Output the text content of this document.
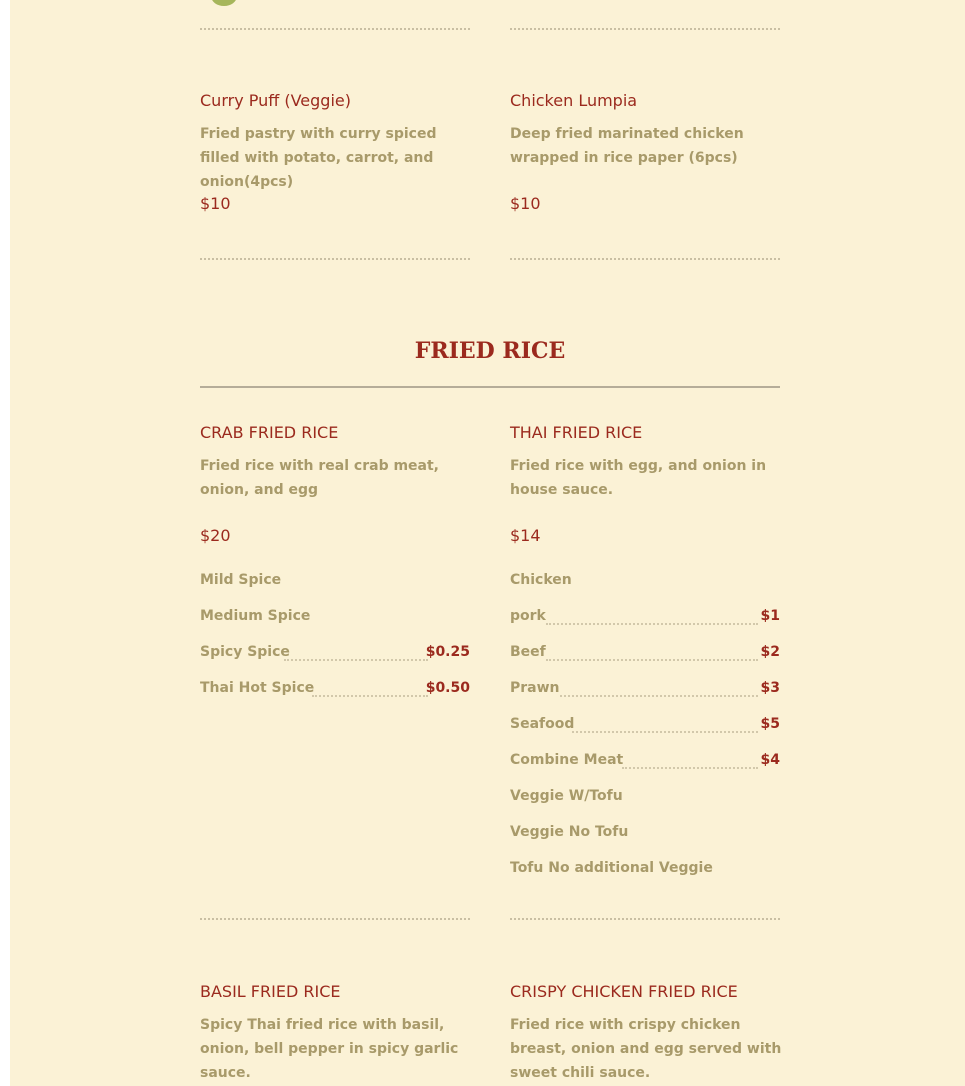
Curry Puff (Veggie)
Fried pastry with curry spiced filled with potato, carrot, and onion(4pcs)
$10
Chicken Lumpia
Deep fried marinated chicken wrapped in rice paper (6pcs)
$10
FRIED RICE
CRAB FRIED RICE
Fried rice with real crab meat, onion, and egg
$20
Mild Spice
Medium Spice
Spicy Spice	$0.25
Thai Hot Spice	$0.50
THAI FRIED RICE
Fried rice with egg, and onion in house sauce.
$14
Chicken
pork	$1
Beef	$2
Prawn	$3
Seafood	$5
Combine Meat	$4
Veggie W/Tofu
Veggie No Tofu
Tofu No additional Veggie
BASIL FRIED RICE
Spicy Thai fried rice with basil, onion, bell pepper in spicy garlic sauce.
CRISPY CHICKEN FRIED RICE
Fried rice with crispy chicken breast, onion and egg served with sweet chili sauce.
